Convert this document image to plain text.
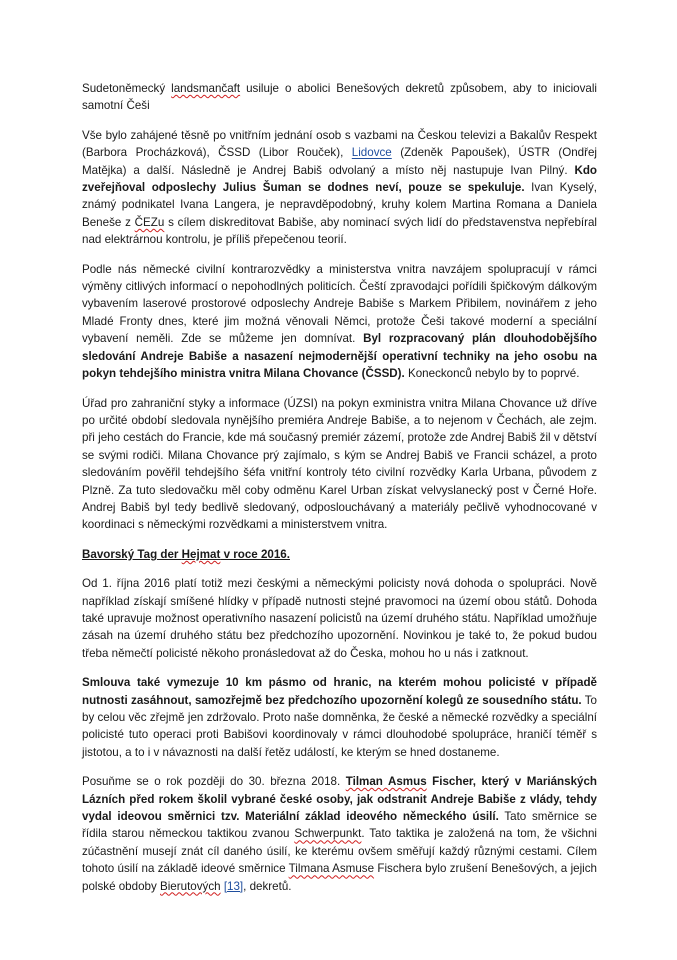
Sudetoněmecký landsmančaft usiluje o abolici Benešových dekretů způsobem, aby to iniciovali samotní Češi

Vše bylo zahájené těsně po vnitřním jednání osob s vazbami na Českou televizi a Bakalův Respekt (Barbora Procházková), ČSSD (Libor Rouček), Lidovce (Zdeněk Papoušek), ÚSTR (Ondřej Matějka) a další. Následně je Andrej Babiš odvolaný a místo něj nastupuje Ivan Pilný. Kdo zveřejňoval odposlechy Julius Šuman se dodnes neví, pouze se spekuluje. Ivan Kyselý, známý podnikatel Ivana Langera, je nepravděpodobný, kruhy kolem Martina Romana a Daniela Beneše z ČEZu s cílem diskreditovat Babiše, aby nominací svých lidí do představenstva nepřebíral nad elektrárnou kontrolu, je příliš přepečenou teorií.

Podle nás německé civilní kontrarozvědky a ministerstva vnitra navzájem spolupracují v rámci výměny citlivých informací o nepohodlných politicích. Čeští zpravodajci pořídili špičkovým dálkovým vybavením laserové prostorové odposlechy Andreje Babiše s Markem Přibilem, novinářem z jeho Mladé Fronty dnes, které jim možná věnovali Němci, protože Češi takové moderní a speciální vybavení neměli. Zde se můžeme jen domnívat. Byl rozpracovaný plán dlouhodobějšího sledování Andreje Babiše a nasazení nejmodernější operativní techniky na jeho osobu na pokyn tehdejšího ministra vnitra Milana Chovance (ČSSD). Koneckonců nebylo by to poprvé.

Úřad pro zahraniční styky a informace (ÚZSI) na pokyn exministra vnitra Milana Chovance už dříve po určité období sledovala nynějšího premiéra Andreje Babiše, a to nejenom v Čechách, ale zejm. při jeho cestách do Francie, kde má současný premiér zázemí, protože zde Andrej Babiš žil v dětství se svými rodiči. Milana Chovance prý zajímalo, s kým se Andrej Babiš ve Francii scházel, a proto sledováním pověřil tehdejšího šéfa vnitřní kontroly této civilní rozvědky Karla Urbana, původem z Plzně. Za tuto sledovačku měl coby odměnu Karel Urban získat velvyslanecký post v Černé Hoře. Andrej Babiš byl tedy bedlivě sledovaný, odposlouchávaný a materiály pečlivě vyhodnocované v koordinaci s německými rozvědkami a ministerstvem vnitra.

Bavorský Tag der Hejmat v roce 2016.

Od 1. října 2016 platí totiž mezi českými a německými policisty nová dohoda o spolupráci. Nově například získají smíšené hlídky v případě nutnosti stejné pravomoci na území obou států. Dohoda také upravuje možnost operativního nasazení policistů na území druhého státu. Například umožňuje zásah na území druhého státu bez předchozího upozornění. Novinkou je také to, že pokud budou třeba němečtí policisté někoho pronásledovat až do Česka, mohou ho u nás i zatknout.

Smlouva také vymezuje 10 km pásmo od hranic, na kterém mohou policisté v případě nutnosti zasáhnout, samozřejmě bez předchozího upozornění kolegů ze sousedního státu. To by celou věc zřejmě jen zdržovalo. Proto naše domněnka, že české a německé rozvědky a speciální policisté tuto operaci proti Babišovi koordinovaly v rámci dlouhodobé spolupráce, hraničí téměř s jistotou, a to i v návaznosti na další řetěz událostí, ke kterým se hned dostaneme.

Posuňme se o rok později do 30. března 2018. Tilman Asmus Fischer, který v Mariánských Lázních před rokem školil vybrané české osoby, jak odstranit Andreje Babiše z vlády, tehdy vydal ideovou směrnici tzv. Materiální základ ideového německého úsilí. Tato směrnice se řídila starou německou taktikou zvanou Schwerpunkt. Tato taktika je založená na tom, že všichni zúčastnění musejí znát cíl daného úsilí, ke kterému ovšem směřují každý různými cestami. Cílem tohoto úsilí na základě ideové směrnice Tilmana Asmuse Fischera bylo zrušení Benešových, a jejich polské obdoby Bierutových [13], dekretů.
